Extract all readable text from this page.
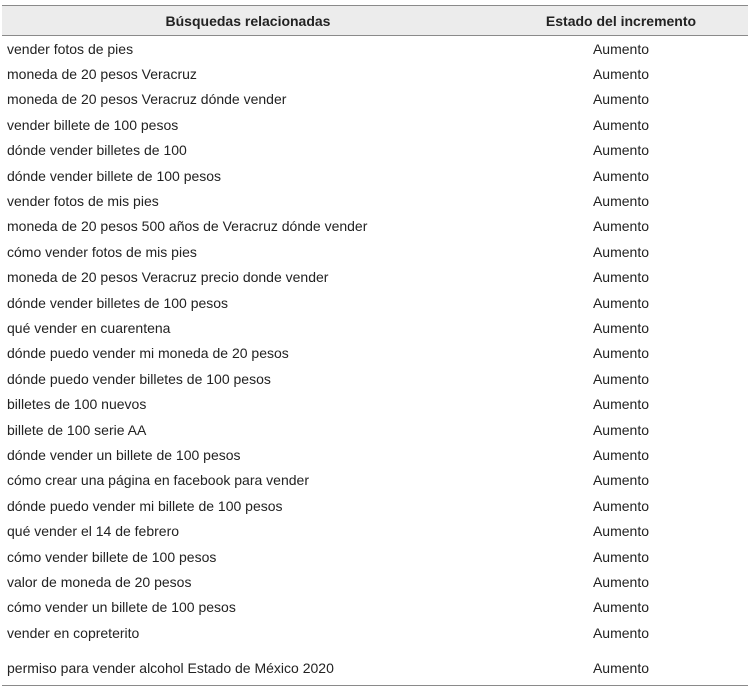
Búsquedas relacionadas	Estado del incremento
vender fotos de pies	Aumento
moneda de 20 pesos Veracruz	Aumento
moneda de 20 pesos Veracruz dónde vender	Aumento
vender billete de 100 pesos	Aumento
dónde vender billetes de 100	Aumento
dónde vender billete de 100 pesos	Aumento
vender fotos de mis pies	Aumento
moneda de 20 pesos 500 años de Veracruz dónde vender	Aumento
cómo vender fotos de mis pies	Aumento
moneda de 20 pesos Veracruz precio donde vender	Aumento
dónde vender billetes de 100 pesos	Aumento
qué vender en cuarentena	Aumento
dónde puedo vender mi moneda de 20 pesos	Aumento
dónde puedo vender billetes de 100 pesos	Aumento
billetes de 100 nuevos	Aumento
billete de 100 serie AA	Aumento
dónde vender un billete de 100 pesos	Aumento
cómo crear una página en facebook para vender	Aumento
dónde puedo vender mi billete de 100 pesos	Aumento
qué vender el 14 de febrero	Aumento
cómo vender billete de 100 pesos	Aumento
valor de moneda de 20 pesos	Aumento
cómo vender un billete de 100 pesos	Aumento
vender en copreterito	Aumento
permiso para vender alcohol Estado de México 2020	Aumento
